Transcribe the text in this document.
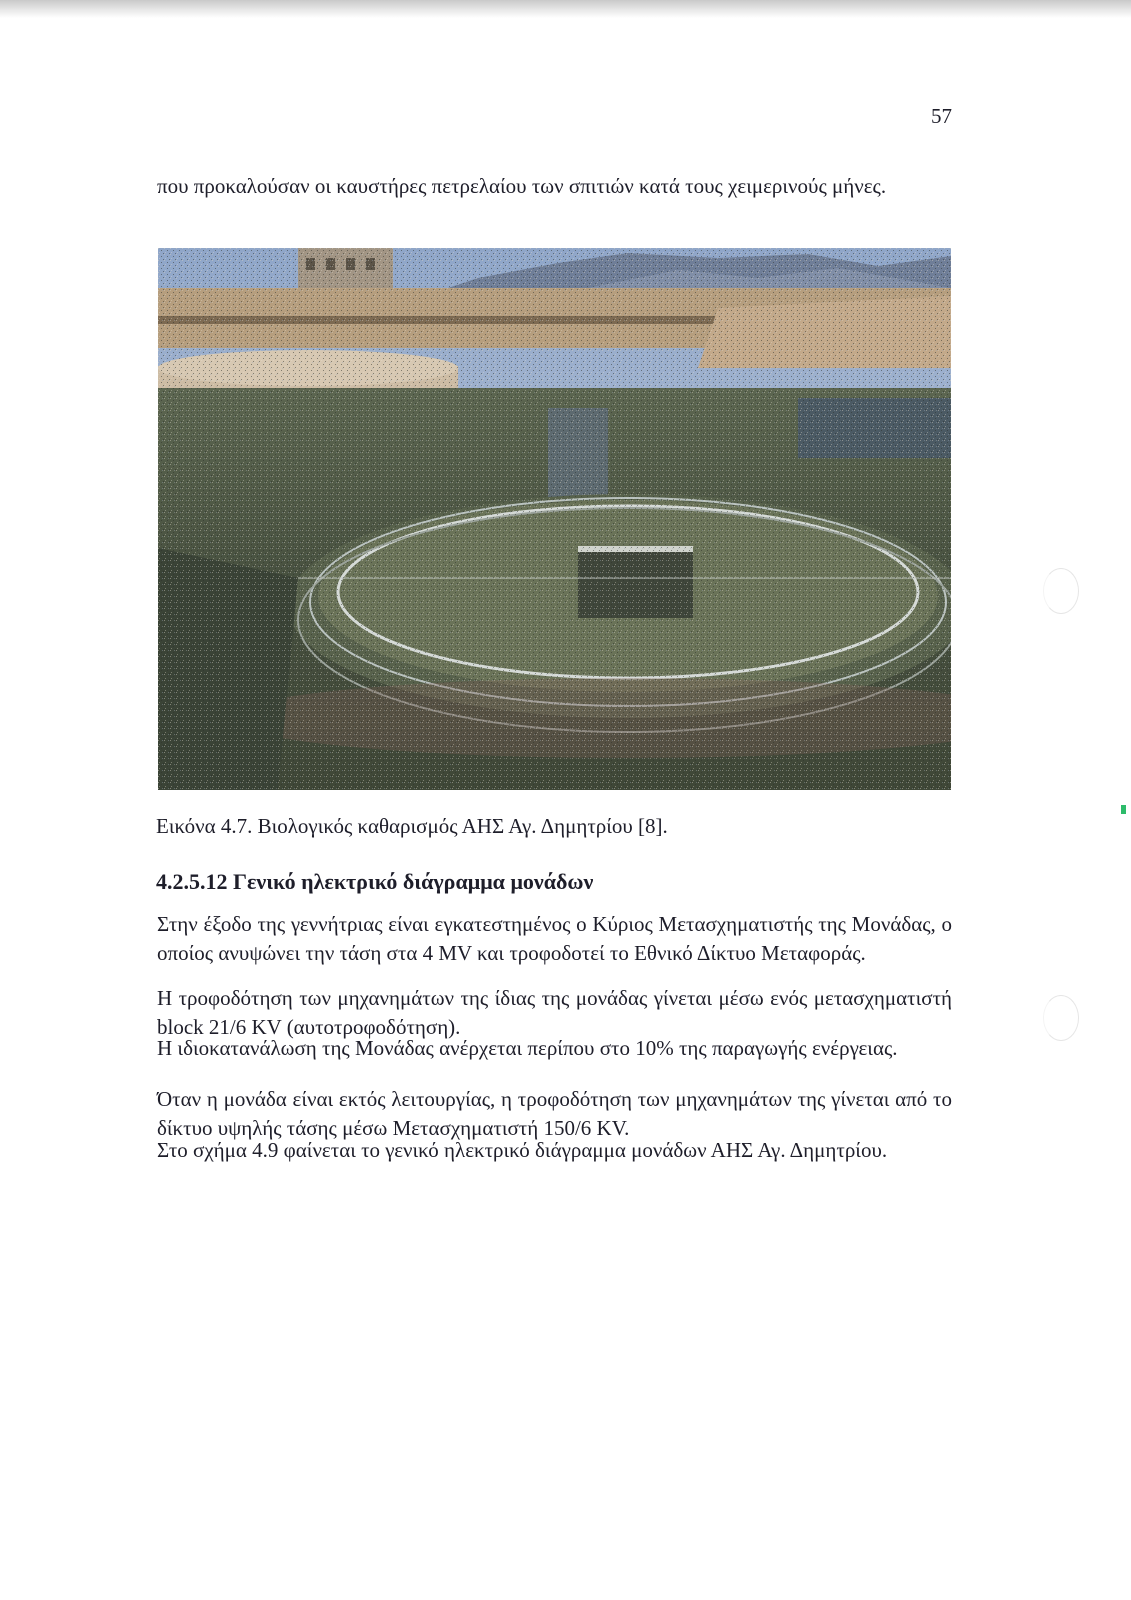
57

που προκαλούσαν οι καυστήρες πετρελαίου των σπιτιών κατά τους χειμερινούς μήνες.

Εικόνα 4.7. Βιολογικός καθαρισμός ΑΗΣ Αγ. Δημητρίου [8].
4.2.5.12 Γενικό ηλεκτρικό διάγραμμα μονάδων

Στην έξοδο της γεννήτριας είναι εγκατεστημένος ο Κύριος Μετασχηματιστής της Μονάδας, ο οποίος ανυψώνει την τάση στα 4 MV και τροφοδοτεί το Εθνικό Δίκτυο Μεταφοράς.

Η τροφοδότηση των μηχανημάτων της ίδιας της μονάδας γίνεται μέσω ενός μετασχηματιστή block 21/6 KV (αυτοτροφοδότηση).

Η ιδιοκατανάλωση της Μονάδας ανέρχεται περίπου στο 10% της παραγωγής ενέργειας.

Όταν η μονάδα είναι εκτός λειτουργίας, η τροφοδότηση των μηχανημάτων της γίνεται από το δίκτυο υψηλής τάσης μέσω Μετασχηματιστή 150/6 KV.

Στο σχήμα 4.9 φαίνεται το γενικό ηλεκτρικό διάγραμμα μονάδων ΑΗΣ Αγ. Δημητρίου.
